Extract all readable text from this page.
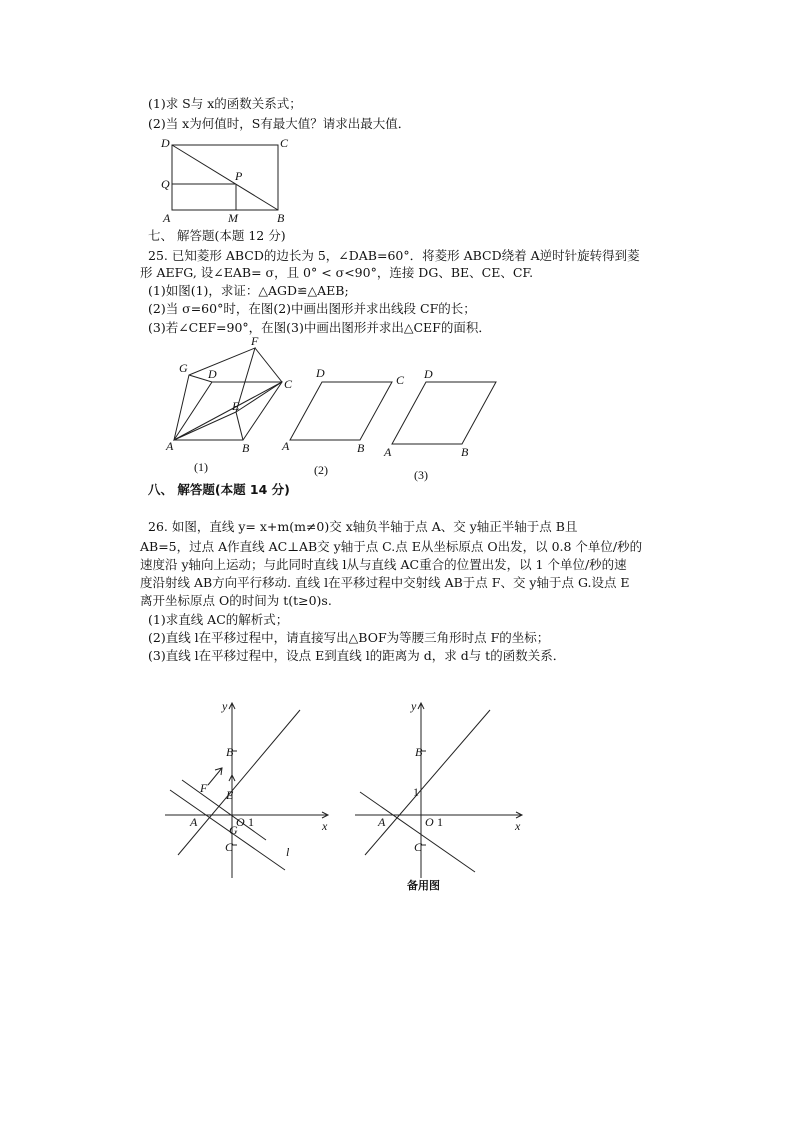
(1)求 S与 x的函数关系式；
(2)当 x为何值时，S有最大值？请求出最大值．
D	C
Q
P
A	M	B
G D
F
C
E
A	B
(1)
D	C
A	B
(2)
D
A	B
(3)
y
x
B
F E
A	O 1
G
C	l
y
x
B
1
A	O 1
C
七、 解答题(本题 12 分)
25. 已知菱形 ABCD的边长为 5，∠DAB=60°．将菱形 ABCD绕着 A逆时针旋转得到菱
形 AEFG, 设∠EAB= σ，且 0° < σ<90°，连接 DG、BE、CE、CF.
(1)如图(1)，求证：△AGD≌△AEB;
(2)当 σ=60°时，在图(2)中画出图形并求出线段 CF的长；
(3)若∠CEF=90°，在图(3)中画出图形并求出△CEF的面积．
八、 解答题(本题 14 分)
26. 如图，直线 y= x+m(m≠0)交 x轴负半轴于点 A、交 y轴正半轴于点 B且
AB=5，过点 A作直线 AC⊥AB交 y轴于点 C.点 E从坐标原点 O出发，以 0.8 个单位/秒的
速度沿 y轴向上运动；与此同时直线 l从与直线 AC重合的位置出发，以 1 个单位/秒的速
度沿射线 AB方向平行移动. 直线 l在平移过程中交射线 AB于点 F、交 y轴于点 G.设点 E
离开坐标原点 O的时间为 t(t≥0)s.
(1)求直线 AC的解析式；
(2)直线 l在平移过程中，请直接写出△BOF为等腰三角形时点 F的坐标；
(3)直线 l在平移过程中，设点 E到直线 l的距离为 d，求 d与 t的函数关系．
备用图
